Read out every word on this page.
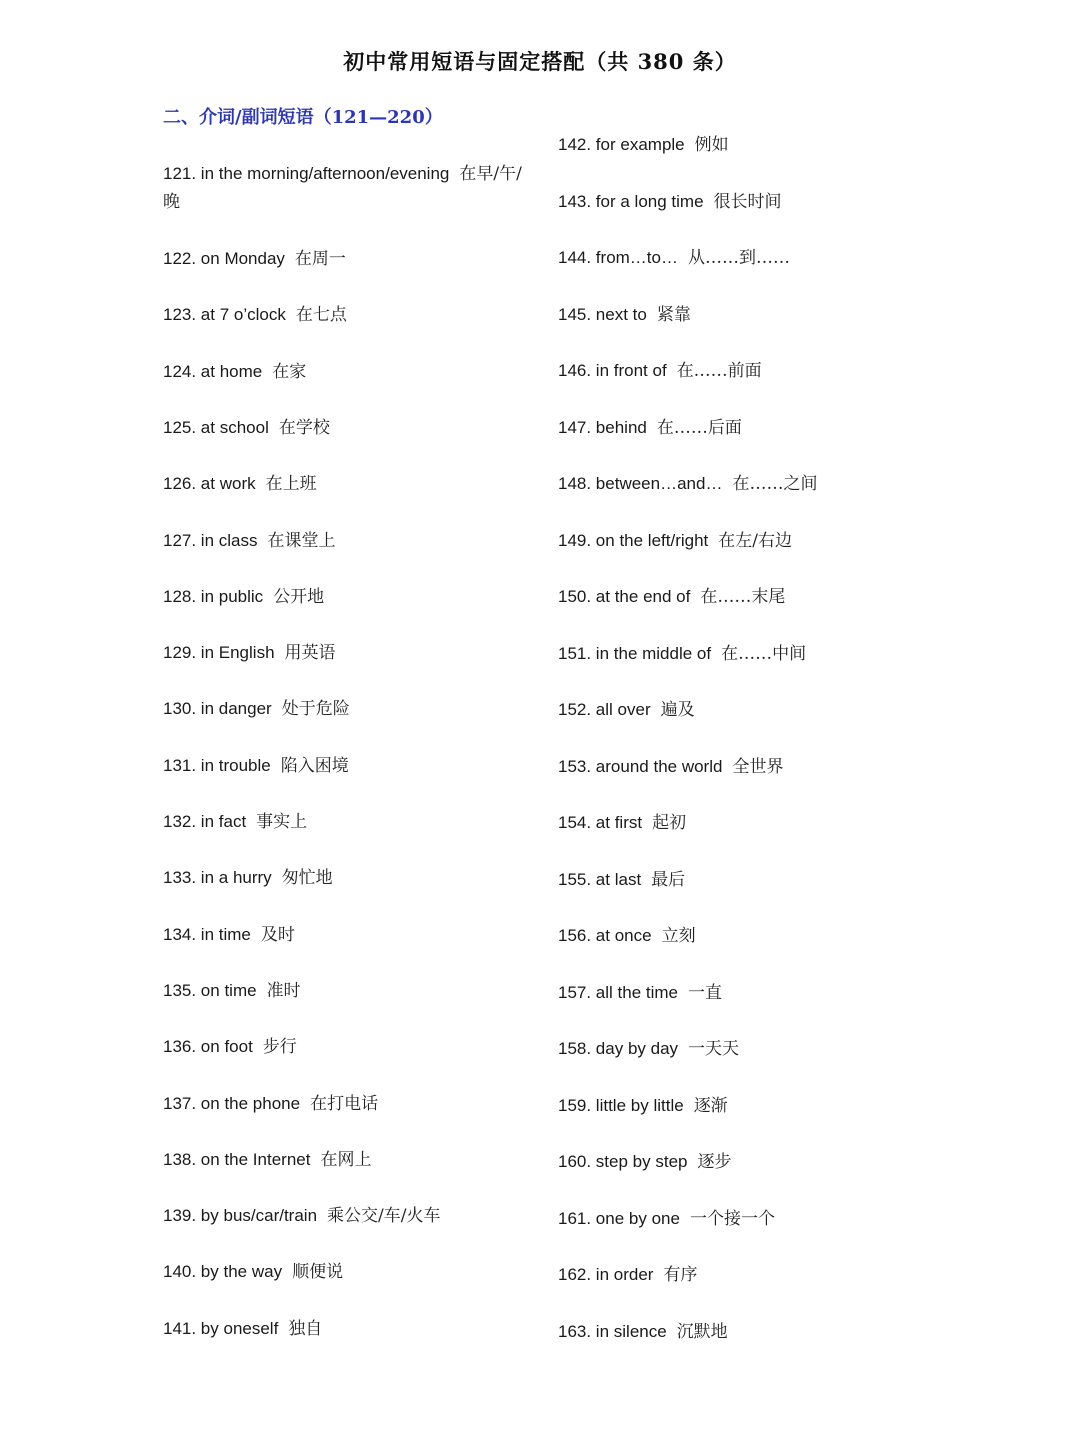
初中常用短语与固定搭配（共 380 条）
二、介词/副词短语（121—220）
121. in the morning/afternoon/evening 在早/午/晚
122. on Monday 在周一
123. at 7 o’clock 在七点
124. at home 在家
125. at school 在学校
126. at work 在上班
127. in class 在课堂上
128. in public 公开地
129. in English 用英语
130. in danger 处于危险
131. in trouble 陷入困境
132. in fact 事实上
133. in a hurry 匆忙地
134. in time 及时
135. on time 准时
136. on foot 步行
137. on the phone 在打电话
138. on the Internet 在网上
139. by bus/car/train 乘公交/车/火车
140. by the way 顺便说
141. by oneself 独自
142. for example 例如
143. for a long time 很长时间
144. from…to… 从……到……
145. next to 紧靠
146. in front of 在……前面
147. behind 在……后面
148. between…and… 在……之间
149. on the left/right 在左/右边
150. at the end of 在……末尾
151. in the middle of 在……中间
152. all over 遍及
153. around the world 全世界
154. at first 起初
155. at last 最后
156. at once 立刻
157. all the time 一直
158. day by day 一天天
159. little by little 逐渐
160. step by step 逐步
161. one by one 一个接一个
162. in order 有序
163. in silence 沉默地
